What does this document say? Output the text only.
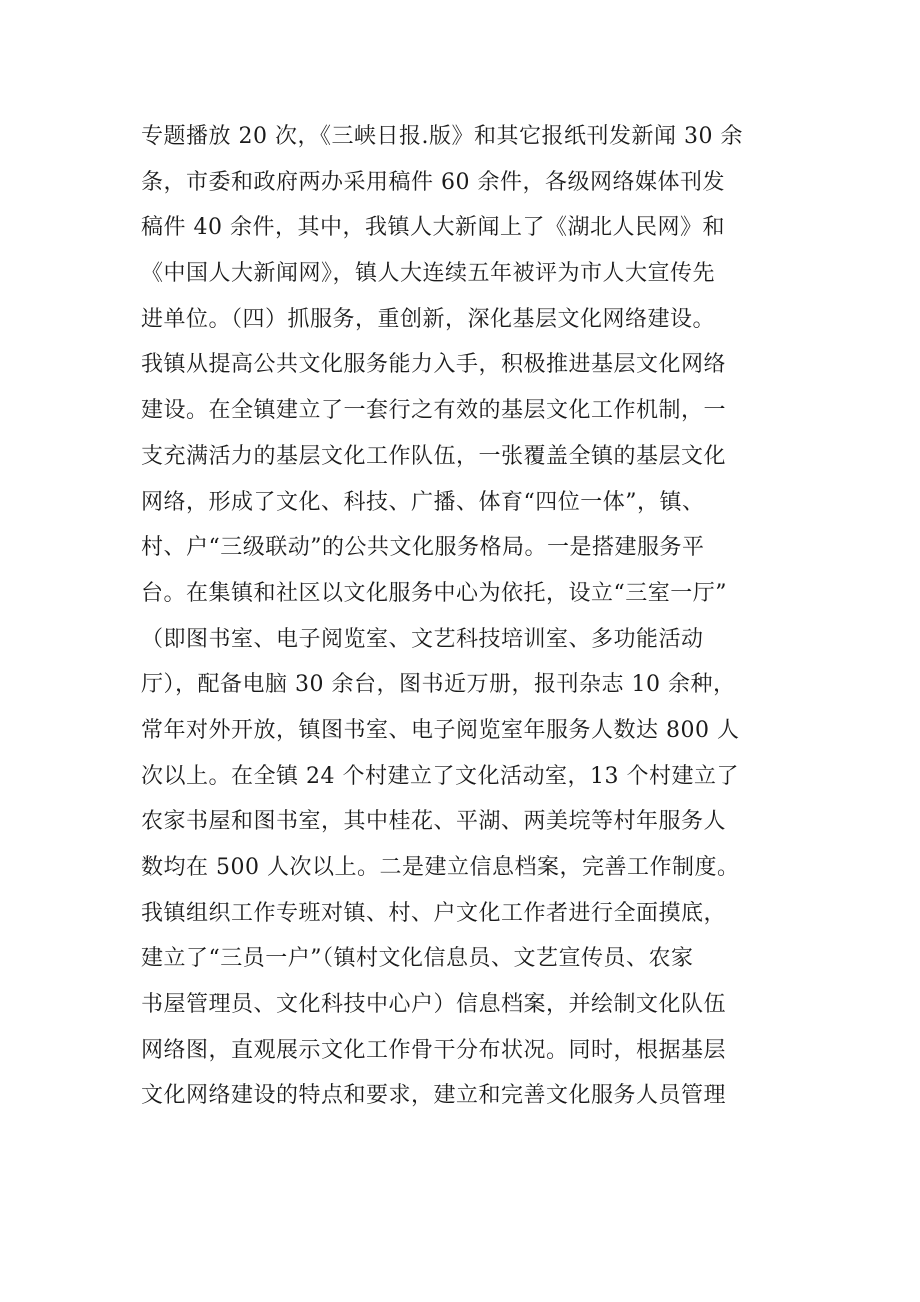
专题播放 20 次，《三峡日报.版》和其它报纸刊发新闻 30 余
条，市委和政府两办采用稿件 60 余件，各级网络媒体刊发
稿件 40 余件，其中，我镇人大新闻上了《湖北人民网》和
《中国人大新闻网》，镇人大连续五年被评为市人大宣传先
进单位。（四）抓服务，重创新，深化基层文化网络建设。
我镇从提高公共文化服务能力入手，积极推进基层文化网络
建设。在全镇建立了一套行之有效的基层文化工作机制，一
支充满活力的基层文化工作队伍，一张覆盖全镇的基层文化
网络，形成了文化、科技、广播、体育“四位一体”，镇、
村、户“三级联动”的公共文化服务格局。一是搭建服务平
台。在集镇和社区以文化服务中心为依托，设立“三室一厅”
（即图书室、电子阅览室、文艺科技培训室、多功能活动
厅），配备电脑 30 余台，图书近万册，报刊杂志 10 余种，
常年对外开放，镇图书室、电子阅览室年服务人数达 800 人
次以上。在全镇 24 个村建立了文化活动室，13 个村建立了
农家书屋和图书室，其中桂花、平湖、两美垸等村年服务人
数均在 500 人次以上。二是建立信息档案，完善工作制度。
我镇组织工作专班对镇、村、户文化工作者进行全面摸底，
建立了“三员一户”（镇村文化信息员、文艺宣传员、农家
书屋管理员、文化科技中心户）信息档案，并绘制文化队伍
网络图，直观展示文化工作骨干分布状况。同时，根据基层
文化网络建设的特点和要求，建立和完善文化服务人员管理
